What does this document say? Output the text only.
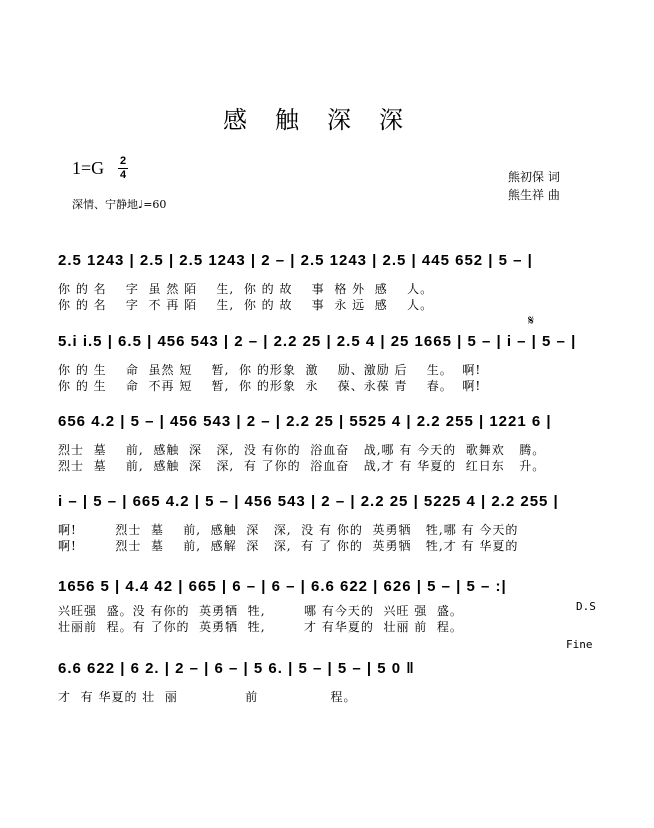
感触深深
1=G 2
4
深情、宁静地♩=60
熊初保 词
熊生祥 曲
2.5 1243 | 2.5 | 2.5 1243 | 2 – | 2.5 1243 | 2.5 | 445 652 | 5 – |
你 的 名    字  虽 然 陌    生,  你 的 故    事  格 外  感    人。
你 的 名    字  不 再 陌    生,  你 的 故    事  永 远  感    人。
𝄋
5.i i.5 | 6.5 | 456 543 | 2 – | 2.2 25 | 2.5 4 | 25 1665 | 5 – | i – | 5 – |
你 的 生    命  虽然 短    暂,  你 的形象  激    励、激励 后    生。  啊!
你 的 生    命  不再 短    暂,  你 的形象  永    葆、永葆 青    春。  啊!
656 4.2 | 5 – | 456 543 | 2 – | 2.2 25 | 5525 4 | 2.2 255 | 1221 6 |
烈士  墓    前,  感触  深   深,  没 有你的  浴血奋   战,哪 有 今天的  歌舞欢   腾。
烈士  墓    前,  感触  深   深,  有 了你的  浴血奋   战,才 有 华夏的  红日东   升。
i – | 5 – | 665 4.2 | 5 – | 456 543 | 2 – | 2.2 25 | 5225 4 | 2.2 255 |
啊!        烈士  墓    前,  感触  深   深,  没 有 你的  英勇牺   牲,哪 有 今天的
啊!        烈士  墓    前,  感解  深   深,  有 了 你的  英勇牺   牲,才 有 华夏的
1656 5 | 4.4 42 | 665 | 6 – | 6 – | 6.6 622 | 626 | 5 – | 5 – :|
D.S
兴旺强  盛。没 有你的  英勇牺  牲,        哪 有今天的  兴旺 强  盛。
壮丽前  程。有 了你的  英勇牺  牲,        才 有华夏的  壮丽 前  程。
Fine
6.6 622 | 6 2. | 2 – | 6 – | 5 6. | 5 – | 5 – | 5 0 ‖
才  有 华夏的 壮  丽              前               程。
